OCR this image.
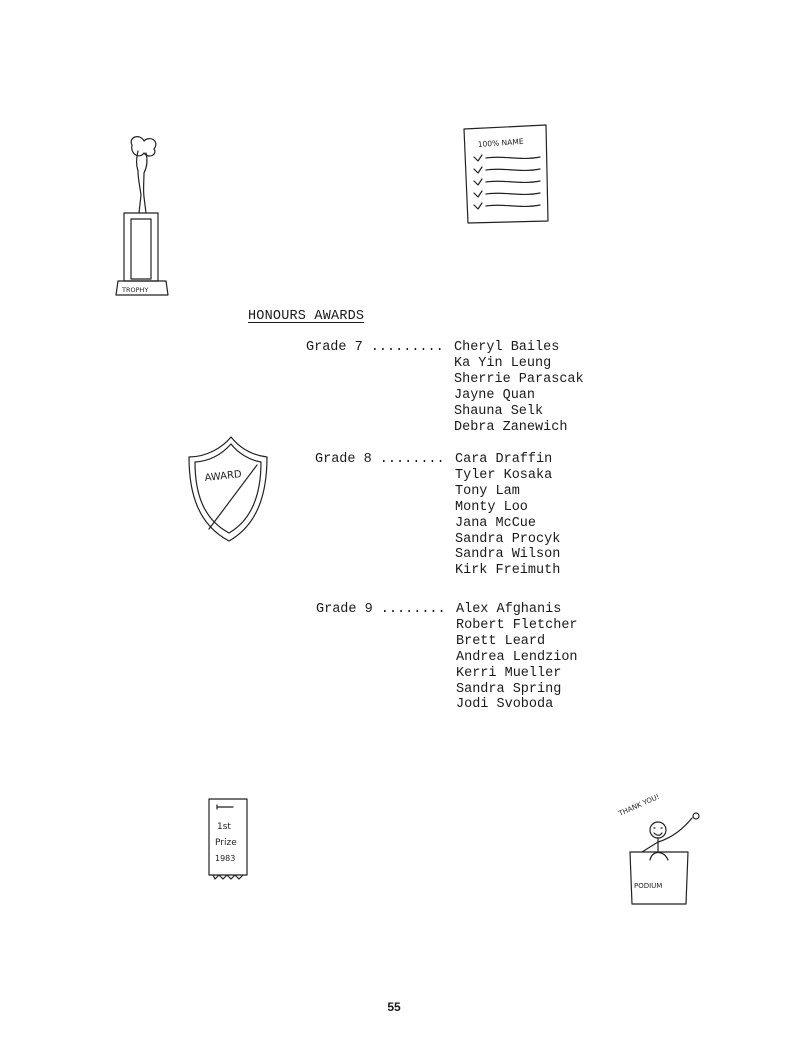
TROPHY
100% NAME
AWARD
1st
Prize
1983
THANK YOU!
PODIUM
HONOURS AWARDS
Grade 7 ......... Cheryl Bailes
Ka Yin Leung
Sherrie Parascak
Jayne Quan
Shauna Selk
Debra Zanewich
Grade 8 ........ Cara Draffin
Tyler Kosaka
Tony Lam
Monty Loo
Jana McCue
Sandra Procyk
Sandra Wilson
Kirk Freimuth
Grade 9 ........ Alex Afghanis
Robert Fletcher
Brett Leard
Andrea Lendzion
Kerri Mueller
Sandra Spring
Jodi Svoboda
55
